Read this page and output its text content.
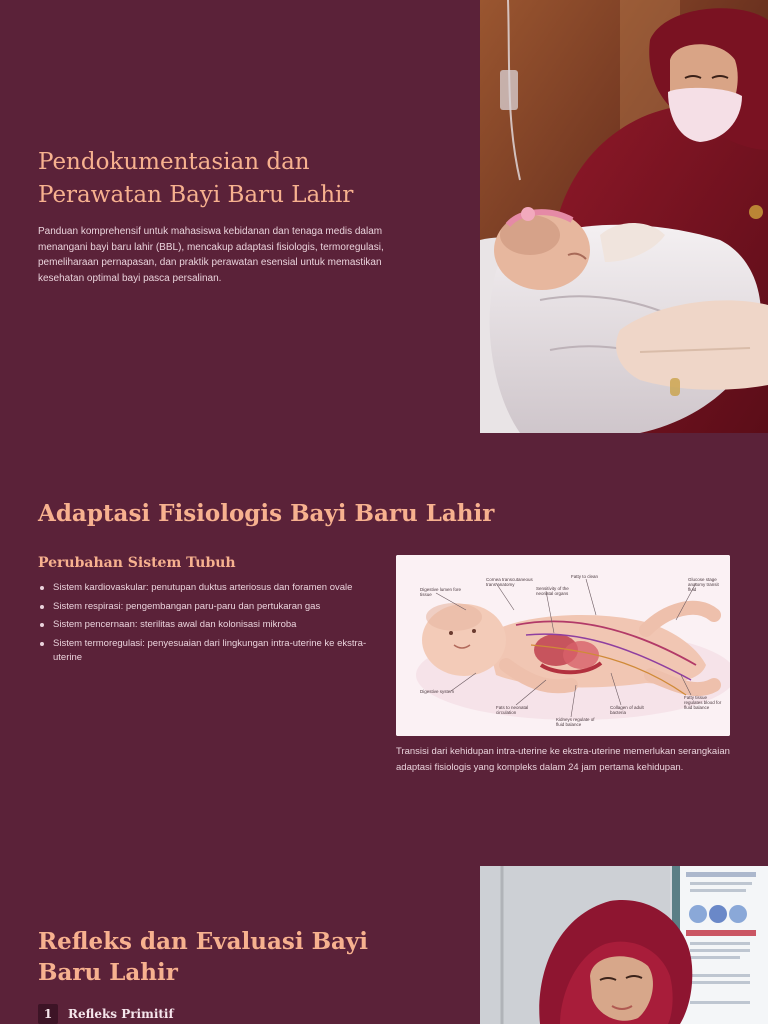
Pendokumentasian dan Perawatan Bayi Baru Lahir

Panduan komprehensif untuk mahasiswa kebidanan dan tenaga medis dalam menangani bayi baru lahir (BBL), mencakup adaptasi fisiologis, termoregulasi, pemeliharaan pernapasan, dan praktik perawatan esensial untuk memastikan kesehatan optimal bayi pasca persalinan.

Adaptasi Fisiologis Bayi Baru Lahir
Perubahan Sistem Tubuh
Sistem kardiovaskular: penutupan duktus arteriosus dan foramen ovale
Sistem respirasi: pengembangan paru-paru dan pertukaran gas
Sistem pencernaan: sterilitas awal dan kolonisasi mikroba
Sistem termoregulasi: penyesuaian dari lingkungan intra-uterine ke ekstra-uterine
Digestive lumen fore tissue
Cornea transcutaneous trans anatomy
Sensitivity of the neonatal organs
Fatty to clean
Glucose stage anatomy transit fluid
Digestive system
Fats to neonatal circulation
Kidneys regulate of fluid balance
Collagen of adult bacteria
Fatty tissue regulates blood for fluid balance

Transisi dari kehidupan intra-uterine ke ekstra-uterine memerlukan serangkaian adaptasi fisiologis yang kompleks dalam 24 jam pertama kehidupan.

Refleks dan Evaluasi Bayi Baru Lahir
1	Refleks Primitif
